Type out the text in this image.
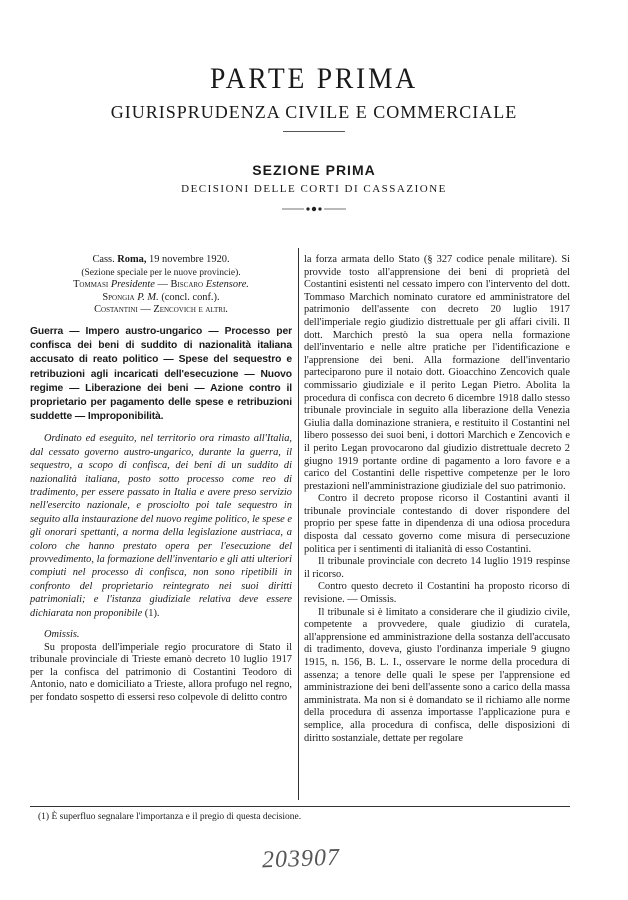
PARTE PRIMA
GIURISPRUDENZA CIVILE E COMMERCIALE
SEZIONE PRIMA
DECISIONI DELLE CORTI DI CASSAZIONE
Cass. Roma, 19 novembre 1920.
(Sezione speciale per le nuove provincie).
Tommasi Presidente — Biscaro Estensore.
Spongia P. M. (concl. conf.).
Costantini — Zencovich e altri.
Guerra — Impero austro-ungarico — Processo per confisca dei beni di suddito di nazionalità italiana accusato di reato politico — Spese del sequestro e retribuzioni agli incaricati dell'esecuzione — Nuovo regime — Liberazione dei beni — Azione contro il proprietario per pagamento delle spese e retribuzioni suddette — Improponibilità.
Ordinato ed eseguito, nel territorio ora rimasto all'Italia, dal cessato governo austro-ungarico, durante la guerra, il sequestro, a scopo di confisca, dei beni di un suddito di nazionalità italiana, posto sotto processo come reo di tradimento, per essere passato in Italia e avere preso servizio nell'esercito nazionale, e prosciolto poi tale sequestro in seguito alla instaurazione del nuovo regime politico, le spese e gli onorari spettanti, a norma della legislazione austriaca, a coloro che hanno prestato opera per l'esecuzione del provvedimento, la formazione dell'inventario e gli atti ulteriori compiuti nel processo di confisca, non sono ripetibili in confronto del proprietario reintegrato nei suoi diritti patrimoniali; e l'istanza giudiziale relativa deve essere dichiarata non proponibile (1).
Omissis.

Su proposta dell'imperiale regio procuratore di Stato il tribunale provinciale di Trieste emanò decreto 10 luglio 1917 per la confisca del patrimonio di Costantini Teodoro di Antonio, nato e domiciliato a Trieste, allora profugo nel regno, per fondato sospetto di essersi reso colpevole di delitto contro

la forza armata dello Stato (§ 327 codice penale militare). Si provvide tosto all'apprensione dei beni di proprietà del Costantini esistenti nel cessato impero con l'intervento del dott. Tommaso Marchich nominato curatore ed amministratore del patrimonio dell'assente con decreto 20 luglio 1917 dell'imperiale regio giudizio distrettuale per gli affari civili. Il dott. Marchich prestò la sua opera nella formazione dell'inventario e nelle altre pratiche per l'identificazione e l'apprensione dei beni. Alla formazione dell'inventario parteciparono pure il notaio dott. Gioacchino Zencovich quale commissario giudiziale e il perito Legan Pietro. Abolita la procedura di confisca con decreto 6 dicembre 1918 dallo stesso tribunale provinciale in seguito alla liberazione della Venezia Giulia dalla dominazione straniera, e restituito il Costantini nel libero possesso dei suoi beni, i dottori Marchich e Zencovich e il perito Legan provocarono dal giudizio distrettuale decreto 2 giugno 1919 portante ordine di pagamento a loro favore e a carico del Costantini delle rispettive competenze per le loro prestazioni nell'amministrazione giudiziale del suo patrimonio.

Contro il decreto propose ricorso il Costantini avanti il tribunale provinciale contestando di dover rispondere del proprio per spese fatte in dipendenza di una odiosa procedura disposta dal cessato governo come misura di persecuzione politica per i sentimenti di italianità di esso Costantini.

Il tribunale provinciale con decreto 14 luglio 1919 respinse il ricorso.

Contro questo decreto il Costantini ha proposto ricorso di revisione. — Omissis.

Il tribunale si è limitato a considerare che il giudizio civile, competente a provvedere, quale giudizio di curatela, all'apprensione ed amministrazione della sostanza dell'accusato di tradimento, doveva, giusto l'ordinanza imperiale 9 giugno 1915, n. 156, B. L. I., osservare le norme della procedura di assenza; a tenore delle quali le spese per l'apprensione ed amministrazione dei beni dell'assente sono a carico della massa amministrata. Ma non si è domandato se il richiamo alle norme della procedura di assenza importasse l'applicazione pura e semplice, alla procedura di confisca, delle disposizioni di diritto sostanziale, dettate per regolare

(1) È superfluo segnalare l'importanza e il pregio di questa decisione.
203907
